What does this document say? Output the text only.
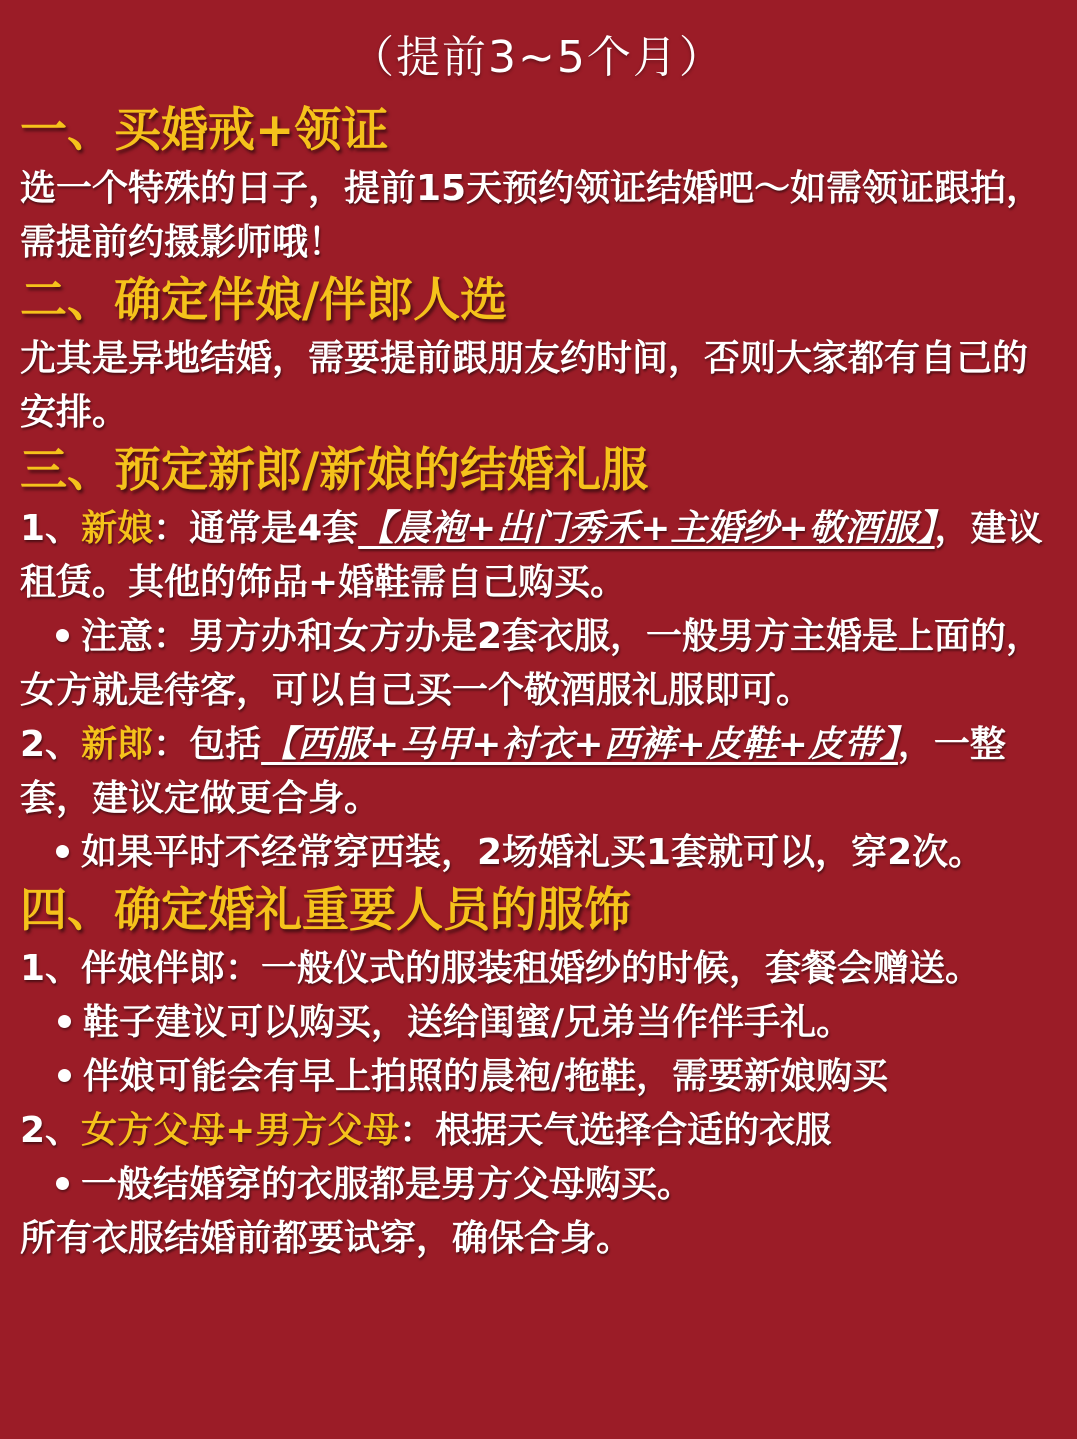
（提前3~5个月）
一、买婚戒+领证
选一个特殊的日子，提前15天预约领证结婚吧～如需领证跟拍，需提前约摄影师哦！
二、确定伴娘/伴郎人选
尤其是异地结婚，需要提前跟朋友约时间，否则大家都有自己的安排。
三、预定新郎/新娘的结婚礼服
1、新娘：通常是4套【晨袍+出门秀禾+主婚纱+敬酒服】，建议租赁。其他的饰品+婚鞋需自己购买。
注意：男方办和女方办是2套衣服，一般男方主婚是上面的，女方就是待客，可以自己买一个敬酒服礼服即可。
2、新郎：包括【西服+马甲+衬衣+西裤+皮鞋+皮带】，一整套，建议定做更合身。
如果平时不经常穿西装，2场婚礼买1套就可以，穿2次。
四、确定婚礼重要人员的服饰
1、伴娘伴郎：一般仪式的服装租婚纱的时候，套餐会赠送。
鞋子建议可以购买，送给闺蜜/兄弟当作伴手礼。
伴娘可能会有早上拍照的晨袍/拖鞋，需要新娘购买
2、女方父母+男方父母：根据天气选择合适的衣服
一般结婚穿的衣服都是男方父母购买。
所有衣服结婚前都要试穿，确保合身。
